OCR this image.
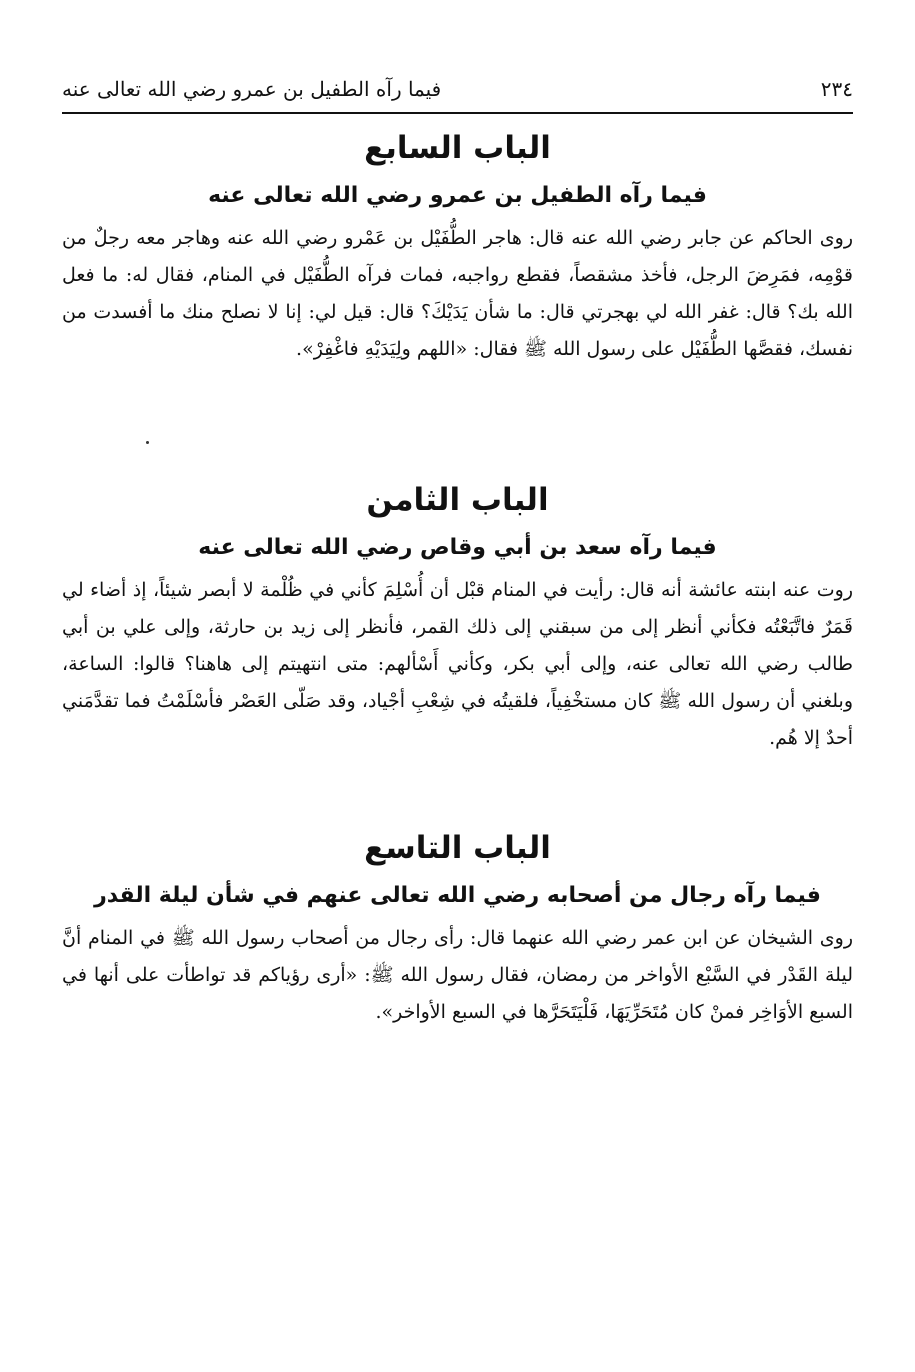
٢٣٤
فيما رآه الطفيل بن عمرو رضي الله تعالى عنه
الباب السابع
فيما رآه الطفيل بن عمرو رضي الله تعالى عنه
روى الحاكم عن جابر رضي الله عنه قال: هاجر الطُّفَيْل بن عَمْرو رضي الله عنه وهاجر معه رجلٌ من قوْمِه، فمَرِضَ الرجل، فأخذ مشقصاً، فقطع رواجبه، فمات فرآه الطُّفَيْل في المنام، فقال له: ما فعل الله بك؟ قال: غفر الله لي بهجرتي قال: ما شأن يَدَيْكَ؟ قال: قيل لي: إنا لا نصلح منك ما أفسدت من نفسك، فقصَّها الطُّفَيْل على رسول الله ﷺ فقال: «اللهم ولِيَدَيْهِ فاغْفِرْ».
الباب الثامن
فيما رآه سعد بن أبي وقاص رضي الله تعالى عنه
روت عنه ابنته عائشة أنه قال: رأيت في المنام قبْل أن أُسْلِمَ كأني في ظُلْمة لا أبصر شيئاً، إذ أضاء لي قَمَرٌ فاتَّبَعْتُه فكأني أنظر إلى من سبقني إلى ذلك القمر، فأنظر إلى زيد بن حارثة، وإلى علي بن أبي طالب رضي الله تعالى عنه، وإلى أبي بكر، وكأني أَسْألهم: متى انتهيتم إلى هاهنا؟ قالوا: الساعة، وبلغني أن رسول الله ﷺ كان مستخْفِياً، فلقيتُه في شِعْبِ أجْياد، وقد صَلّى العَصْر فأسْلَمْتُ فما تقدَّمَني أحدٌ إلا هُم.
الباب التاسع
فيما رآه رجال من أصحابه رضي الله تعالى عنهم في شأن ليلة القدر
روى الشيخان عن ابن عمر رضي الله عنهما قال: رأى رجال من أصحاب رسول الله ﷺ في المنام أنَّ ليلة القَدْر في السَّبْع الأواخر من رمضان، فقال رسول الله ﷺ: «أرى رؤياكم قد تواطأت على أنها في السبع الأوَاخِر فمنْ كان مُتَحَرِّيَهَا، فَلْيَتَحَرَّها في السبع الأواخر».
